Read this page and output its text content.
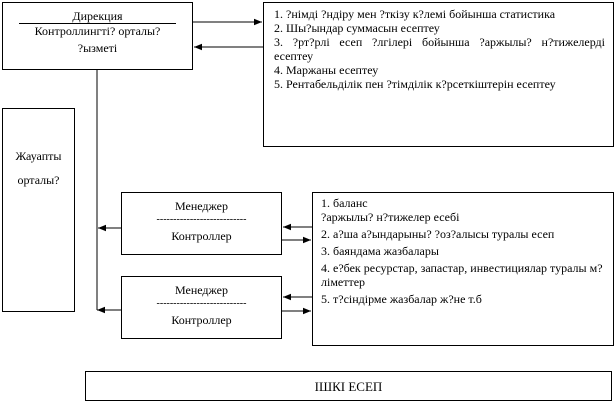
Дирекция
Контроллингті? орталы?
?ызметі

1. ?німді ?ндіру мен ?ткізу к?лемі бойынша статистика

2. Шы?ындар суммасын есептеу

3. ?рт?рлі есеп ?лгілері бойынша ?аржылы? н?тижелерді есептеу

4. Маржаны есептеу

5. Рентабельділік пен ?тімділік к?рсеткіштерін есептеу

Жауапты
орталы?
Менеджер
---------------------------
Контроллер
Менеджер
---------------------------
Контроллер

1. баланс
?аржылы? н?тижелер есебі

2. а?ша а?ындарыны? ?оз?алысы туралы есеп

3. баяндама жазбалары

4. е?бек ресурстар, запастар, инвестициялар туралы м?ліметтер

5. т?сіндірме жазбалар ж?не т.б

ІШКІ ЕСЕП
